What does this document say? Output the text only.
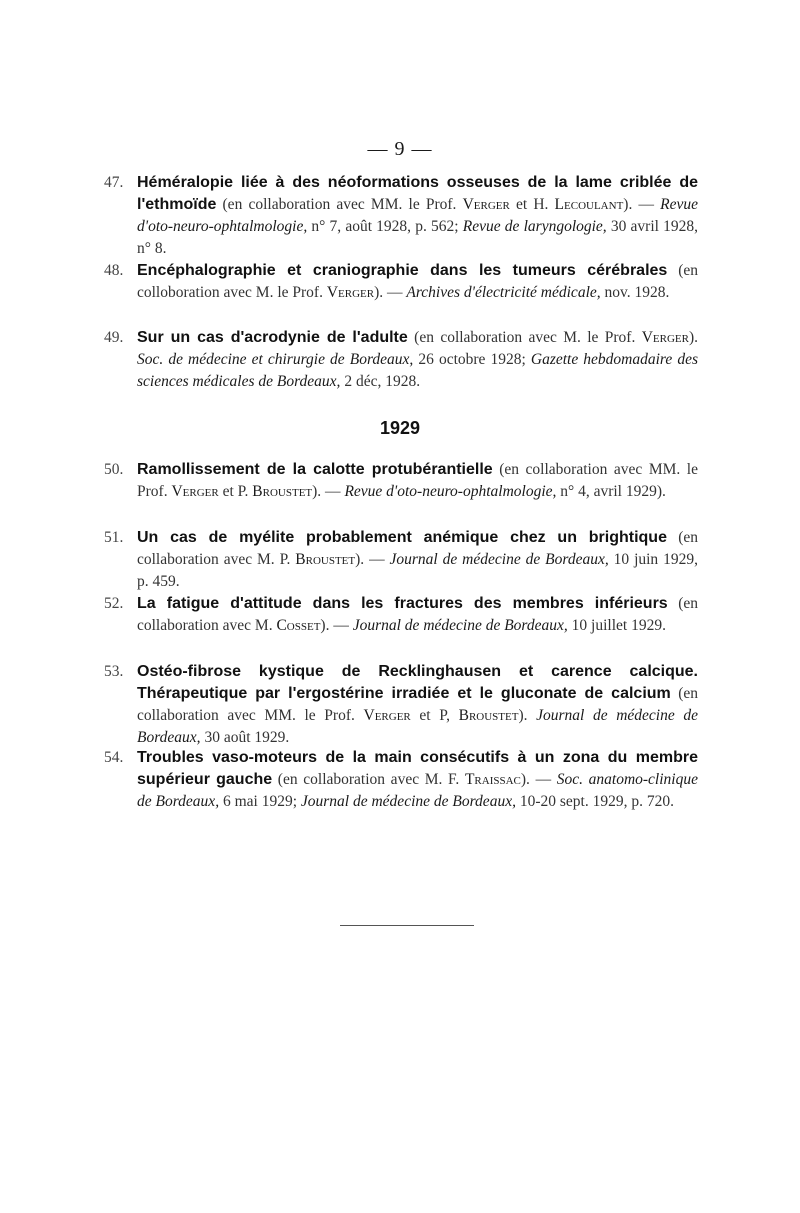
— 9 —
47. Héméralopie liée à des néoformations osseuses de la lame criblée de l'ethmoïde (en collaboration avec MM. le Prof. Verger et H. Lecoulant). — Revue d'oto-neuro-ophtalmologie, n° 7, août 1928, p. 562; Revue de laryngologie, 30 avril 1928, n° 8.
48. Encéphalographie et craniographie dans les tumeurs cérébrales (en colloboration avec M. le Prof. Verger). — Archives d'électricité médicale, nov. 1928.
49. Sur un cas d'acrodynie de l'adulte (en collaboration avec M. le Prof. Verger). Soc. de médecine et chirurgie de Bordeaux, 26 octobre 1928; Gazette hebdomadaire des sciences médicales de Bordeaux, 2 déc, 1928.
1929
50. Ramollissement de la calotte protubérantielle (en collaboration avec MM. le Prof. Verger et P. Broustet). — Revue d'oto-neuro-ophtalmologie, n° 4, avril 1929).
51. Un cas de myélite probablement anémique chez un brightique (en collaboration avec M. P. Broustet). — Journal de médecine de Bordeaux, 10 juin 1929, p. 459.
52. La fatigue d'attitude dans les fractures des membres inférieurs (en collaboration avec M. Cosset). — Journal de médecine de Bordeaux, 10 juillet 1929.
53. Ostéo-fibrose kystique de Recklinghausen et carence calcique. Thérapeutique par l'ergostérine irradiée et le gluconate de calcium (en collaboration avec MM. le Prof. Verger et P, Broustet). Journal de médecine de Bordeaux, 30 août 1929.
54. Troubles vaso-moteurs de la main consécutifs à un zona du membre supérieur gauche (en collaboration avec M. F. Traissac). — Soc. anatomo-clinique de Bordeaux, 6 mai 1929; Journal de médecine de Bordeaux, 10-20 sept. 1929, p. 720.
